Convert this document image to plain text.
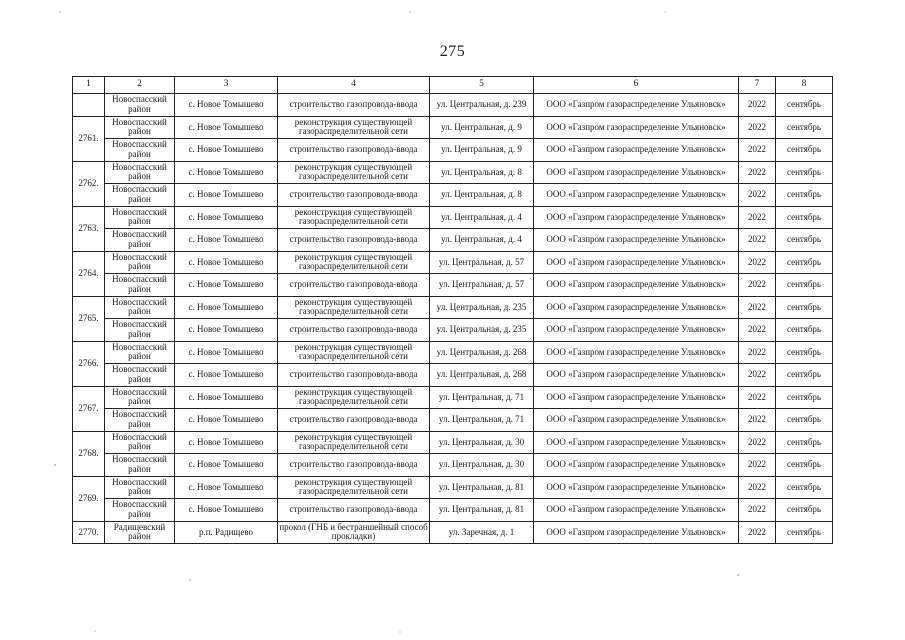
275
1	2	3	4	5	6	7	8
	Новоспасский район	с. Новое Томышево	строительство газопровода-ввода	ул. Центральная, д. 239	ООО «Газпром газораспределение Ульяновск»	2022	сентябрь
2761.	Новоспасский район	с. Новое Томышево	реконструкция существующей газораспределительной сети	ул. Центральная, д. 9	ООО «Газпром газораспределение Ульяновск»	2022	сентябрь
	Новоспасский район	с. Новое Томышево	строительство газопровода-ввода	ул. Центральная, д. 9	ООО «Газпром газораспределение Ульяновск»	2022	сентябрь
2762.	Новоспасский район	с. Новое Томышево	реконструкция существующей газораспределительной сети	ул. Центральная, д. 8	ООО «Газпром газораспределение Ульяновск»	2022	сентябрь
	Новоспасский район	с. Новое Томышево	строительство газопровода-ввода	ул. Центральная, д. 8	ООО «Газпром газораспределение Ульяновск»	2022	сентябрь
2763.	Новоспасский район	с. Новое Томышево	реконструкция существующей газораспределительной сети	ул. Центральная, д. 4	ООО «Газпром газораспределение Ульяновск»	2022	сентябрь
	Новоспасский район	с. Новое Томышево	строительство газопровода-ввода	ул. Центральная, д. 4	ООО «Газпром газораспределение Ульяновск»	2022	сентябрь
2764.	Новоспасский район	с. Новое Томышево	реконструкция существующей газораспределительной сети	ул. Центральная, д. 57	ООО «Газпром газораспределение Ульяновск»	2022	сентябрь
	Новоспасский район	с. Новое Томышево	строительство газопровода-ввода	ул. Центральная, д. 57	ООО «Газпром газораспределение Ульяновск»	2022	сентябрь
2765.	Новоспасский район	с. Новое Томышево	реконструкция существующей газораспределительной сети	ул. Центральная, д. 235	ООО «Газпром газораспределение Ульяновск»	2022	сентябрь
	Новоспасский район	с. Новое Томышево	строительство газопровода-ввода	ул. Центральная, д. 235	ООО «Газпром газораспределение Ульяновск»	2022	сентябрь
2766.	Новоспасский район	с. Новое Томышево	реконструкция существующей газораспределительной сети	ул. Центральная, д. 268	ООО «Газпром газораспределение Ульяновск»	2022	сентябрь
	Новоспасский район	с. Новое Томышево	строительство газопровода-ввода	ул. Центральная, д. 268	ООО «Газпром газораспределение Ульяновск»	2022	сентябрь
2767.	Новоспасский район	с. Новое Томышево	реконструкция существующей газораспределительной сети	ул. Центральная, д. 71	ООО «Газпром газораспределение Ульяновск»	2022	сентябрь
	Новоспасский район	с. Новое Томышево	строительство газопровода-ввода	ул. Центральная, д. 71	ООО «Газпром газораспределение Ульяновск»	2022	сентябрь
2768.	Новоспасский район	с. Новое Томышево	реконструкция существующей газораспределительной сети	ул. Центральная, д. 30	ООО «Газпром газораспределение Ульяновск»	2022	сентябрь
	Новоспасский район	с. Новое Томышево	строительство газопровода-ввода	ул. Центральная, д. 30	ООО «Газпром газораспределение Ульяновск»	2022	сентябрь
2769.	Новоспасский район	с. Новое Томышево	реконструкция существующей газораспределительной сети	ул. Центральная, д. 81	ООО «Газпром газораспределение Ульяновск»	2022	сентябрь
	Новоспасский район	с. Новое Томышево	строительство газопровода-ввода	ул. Центральная, д. 81	ООО «Газпром газораспределение Ульяновск»	2022	сентябрь
2770.	Радищевский район	р.п. Радищево	прокол (ГНБ и бестраншейный способ прокладки)	ул. Заречная, д. 1	ООО «Газпром газораспределение Ульяновск»	2022	сентябрь
